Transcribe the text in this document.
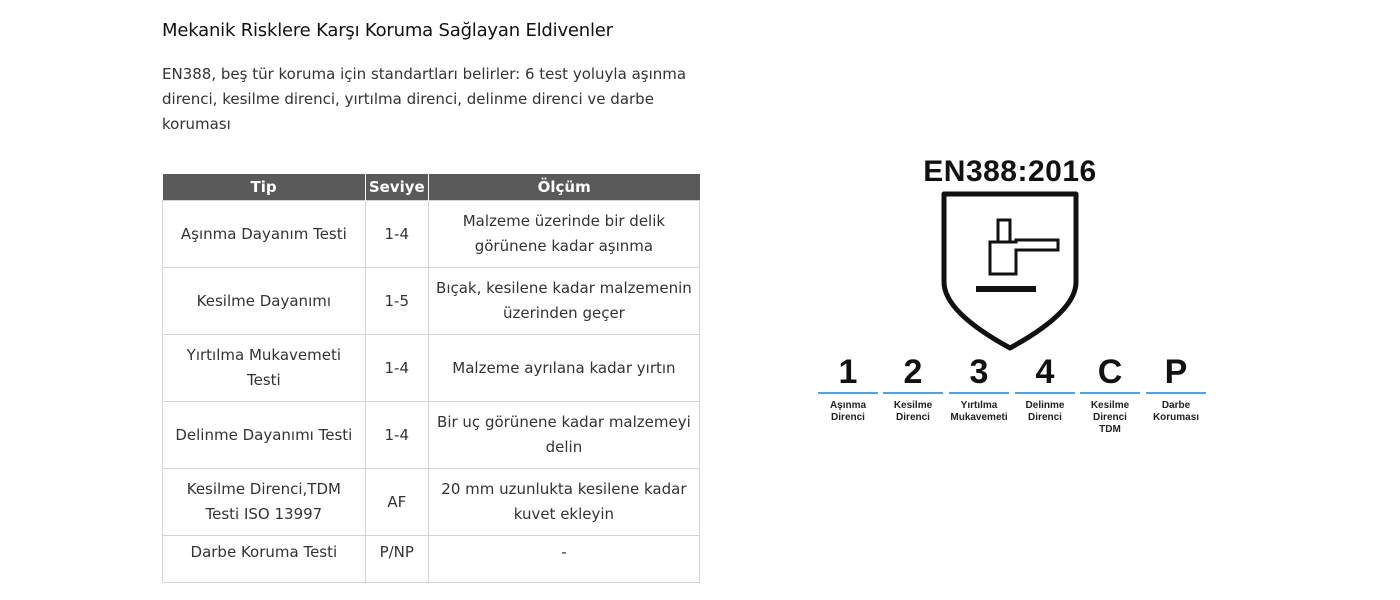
Mekanik Risklere Karşı Koruma Sağlayan Eldivenler

EN388, beş tür koruma için standartları belirler: 6 test yoluyla aşınma direnci, kesilme direnci, yırtılma direnci, delinme direnci ve darbe koruması

Tip	Seviye	Ölçüm
Aşınma Dayanım Testi	1-4	Malzeme üzerinde bir delik görünene kadar aşınma
Kesilme Dayanımı	1-5	Bıçak, kesilene kadar malzemenin üzerinden geçer
Yırtılma Mukavemeti Testi	1-4	Malzeme ayrılana kadar yırtın
Delinme Dayanımı Testi	1-4	Bir uç görünene kadar malzemeyi delin
Kesilme Direnci,TDM Testi ISO 13997	AF	20 mm uzunlukta kesilene kadar kuvet ekleyin
Darbe Koruma Testi	P/NP	-
EN388:2016
1
Aşınma
Direnci
2
Kesilme
Direnci
3
Yırtılma
Mukavemeti
4
Delinme
Direnci
C
Kesilme
Direnci
TDM
P
Darbe
Koruması
